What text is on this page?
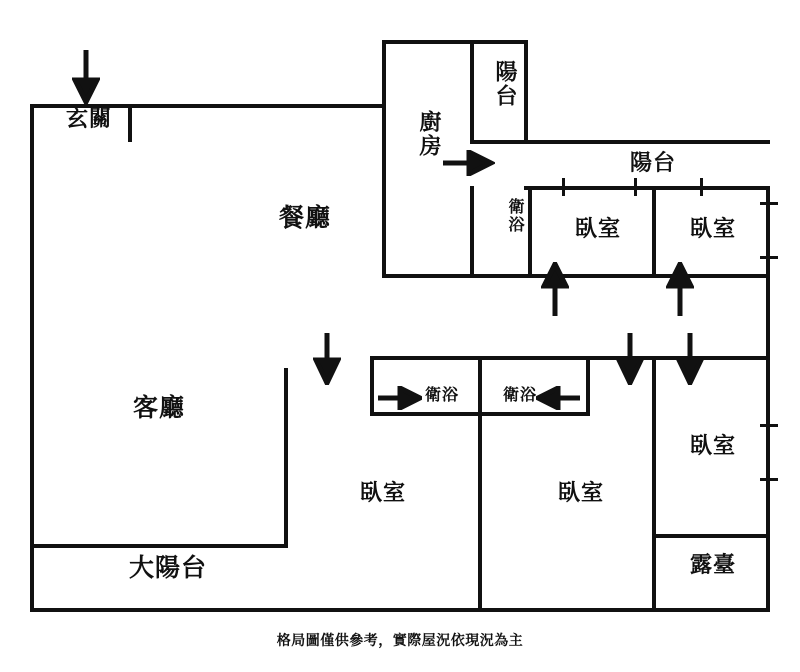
玄關
餐廳
廚房
陽台
陽台
衛浴	臥室	臥室
客廳	衛浴	衛浴
臥室	臥室
臥室
大陽台	露臺
格局圖僅供參考，實際屋況依現況為主
